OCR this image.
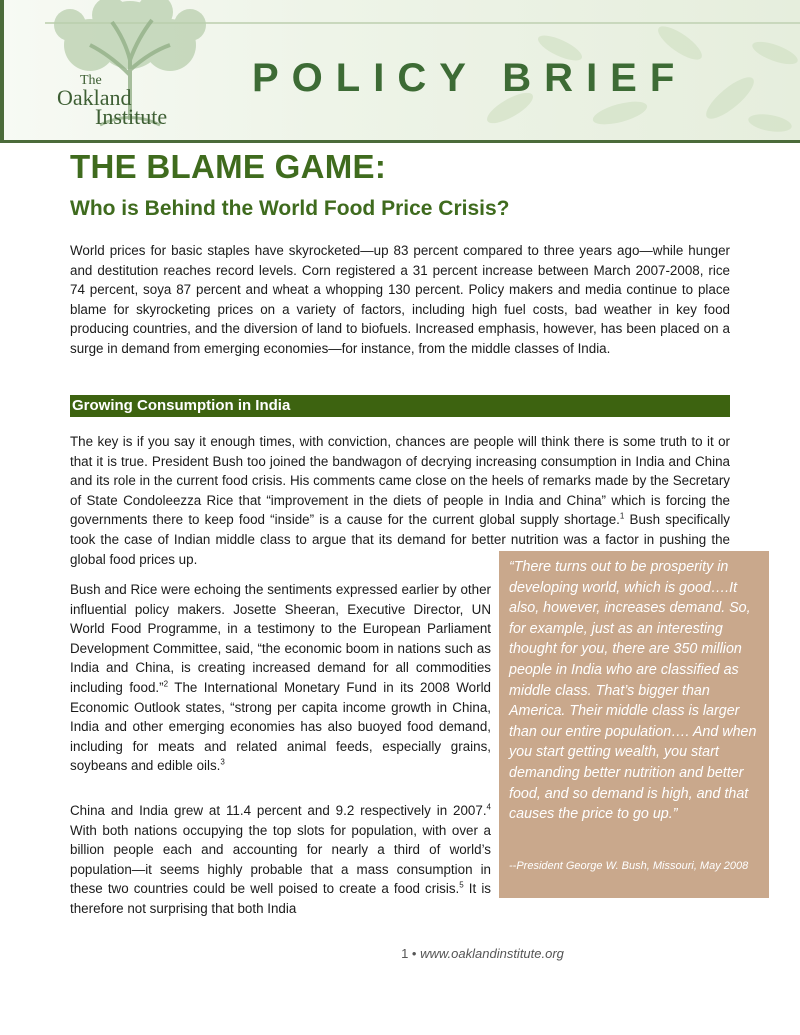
The
Oakland
Institute
POLICY BRIEF
THE BLAME GAME:
Who is Behind the World Food Price Crisis?

World prices for basic staples have skyrocketed—up 83 percent compared to three years ago—while hunger and destitution reaches record levels. Corn registered a 31 percent increase between March 2007-2008, rice 74 percent, soya 87 percent and wheat a whopping 130 percent. Policy makers and media continue to place blame for skyrocketing prices on a variety of factors, including high fuel costs, bad weather in key food producing countries, and the diversion of land to biofuels. Increased emphasis, however, has been placed on a surge in demand from emerging economies—for instance, from the middle classes of India.

Growing Consumption in India

The key is if you say it enough times, with conviction, chances are people will think there is some truth to it or that it is true. President Bush too joined the bandwagon of decrying increasing consumption in India and China and its role in the current food crisis. His comments came close on the heels of remarks made by the Secretary of State Condoleezza Rice that “improvement in the diets of people in India and China” which is forcing the governments there to keep food “inside” is a cause for the current global supply shortage.$^1$ Bush specifically took the case of Indian middle class to argue that its demand for better nutrition was a factor in pushing the global food prices up.

Bush and Rice were echoing the sentiments expressed earlier by other influential policy makers. Josette Sheeran, Executive Director, UN World Food Programme, in a testimony to the European Parliament Development Committee, said, “the economic boom in nations such as India and China, is creating increased demand for all commodities including food.”$^2$ The International Monetary Fund in its 2008 World Economic Outlook states, “strong per capita income growth in China, India and other emerging economies has also buoyed food demand, including for meats and related animal feeds, especially grains, soybeans and edible oils.$^3$

China and India grew at 11.4 percent and 9.2 respectively in 2007.$^4$ With both nations occupying the top slots for population, with over a billion people each and accounting for nearly a third of world’s population—it seems highly probable that a mass consumption in these two countries could be well poised to create a food crisis.$^5$ It is therefore not surprising that both India

“There turns out to be prosperity in developing world, which is good….It also, however, increases demand. So, for example, just as an interesting thought for you, there are 350 million people in India who are classified as middle class. That’s bigger than America. Their middle class is larger than our entire population…. And when you start getting wealth, you start demanding better nutrition and better food, and so demand is high, and that causes the price to go up.”

--President George W. Bush, Missouri, May 2008

1 • www.oaklandinstitute.org
